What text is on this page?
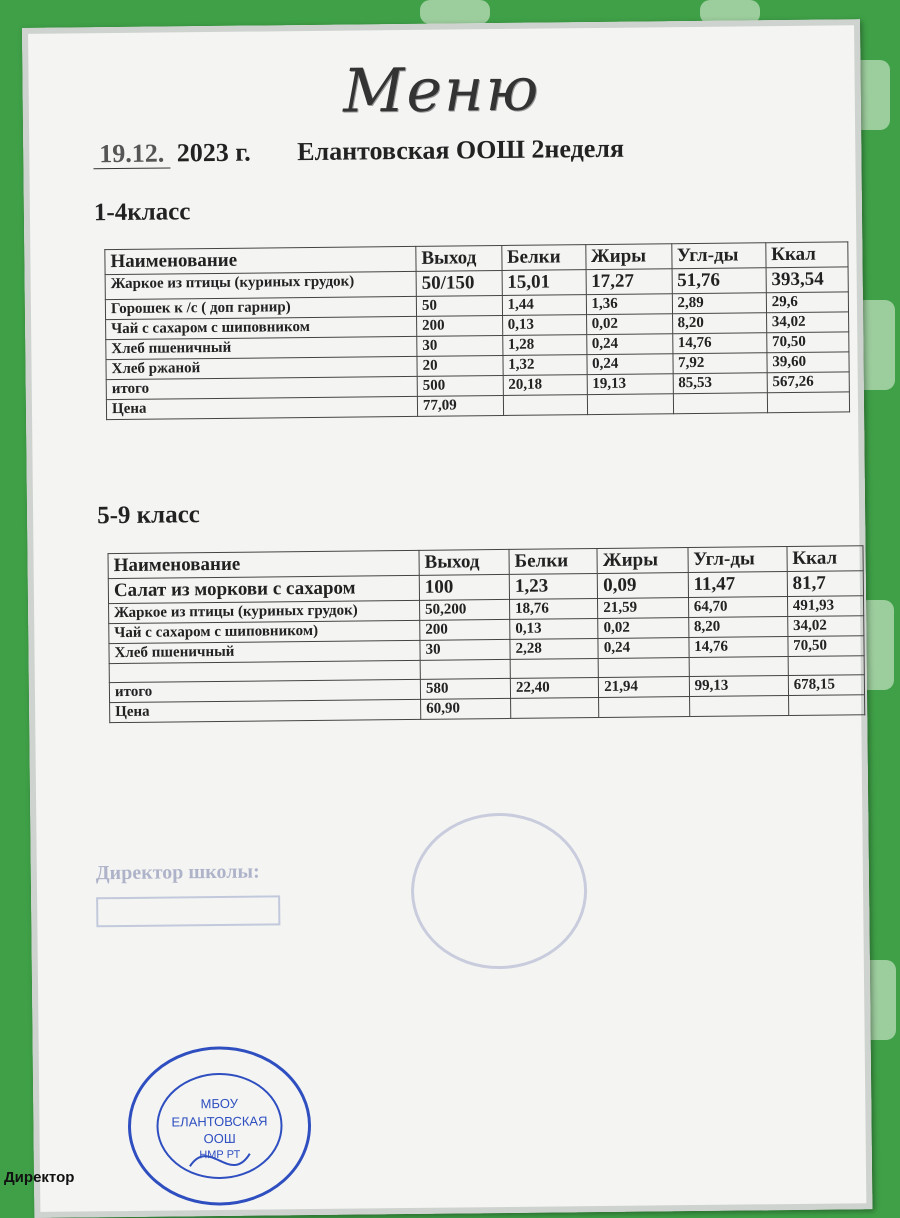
Меню
19.12. 2023 г. Елантовская ООШ 2неделя
1-4класс
Наименование	Выход	Белки	Жиры	Угл-ды	Ккал
Жаркое из птицы (куриных грудок)	50/150	15,01	17,27	51,76	393,54
Горошек к /с ( доп гарнир)	50	1,44	1,36	2,89	29,6
Чай с сахаром с шиповником	200	0,13	0,02	8,20	34,02
Хлеб пшеничный	30	1,28	0,24	14,76	70,50
Хлеб ржаной	20	1,32	0,24	7,92	39,60
итого	500	20,18	19,13	85,53	567,26
Цена	77,09				
5-9 класс
Наименование	Выход	Белки	Жиры	Угл-ды	Ккал
Салат из моркови с сахаром	100	1,23	0,09	11,47	81,7
Жаркое из птицы (куриных грудок)	50,200	18,76	21,59	64,70	491,93
Чай с сахаром с шиповником)	200	0,13	0,02	8,20	34,02
Хлеб пшеничный	30	2,28	0,24	14,76	70,50

итого	580	22,40	21,94	99,13	678,15
Цена	60,90				
Директор школы:
МБОУ
ЕЛАНТОВСКАЯ
ООШ
НМР РТ
Директор
